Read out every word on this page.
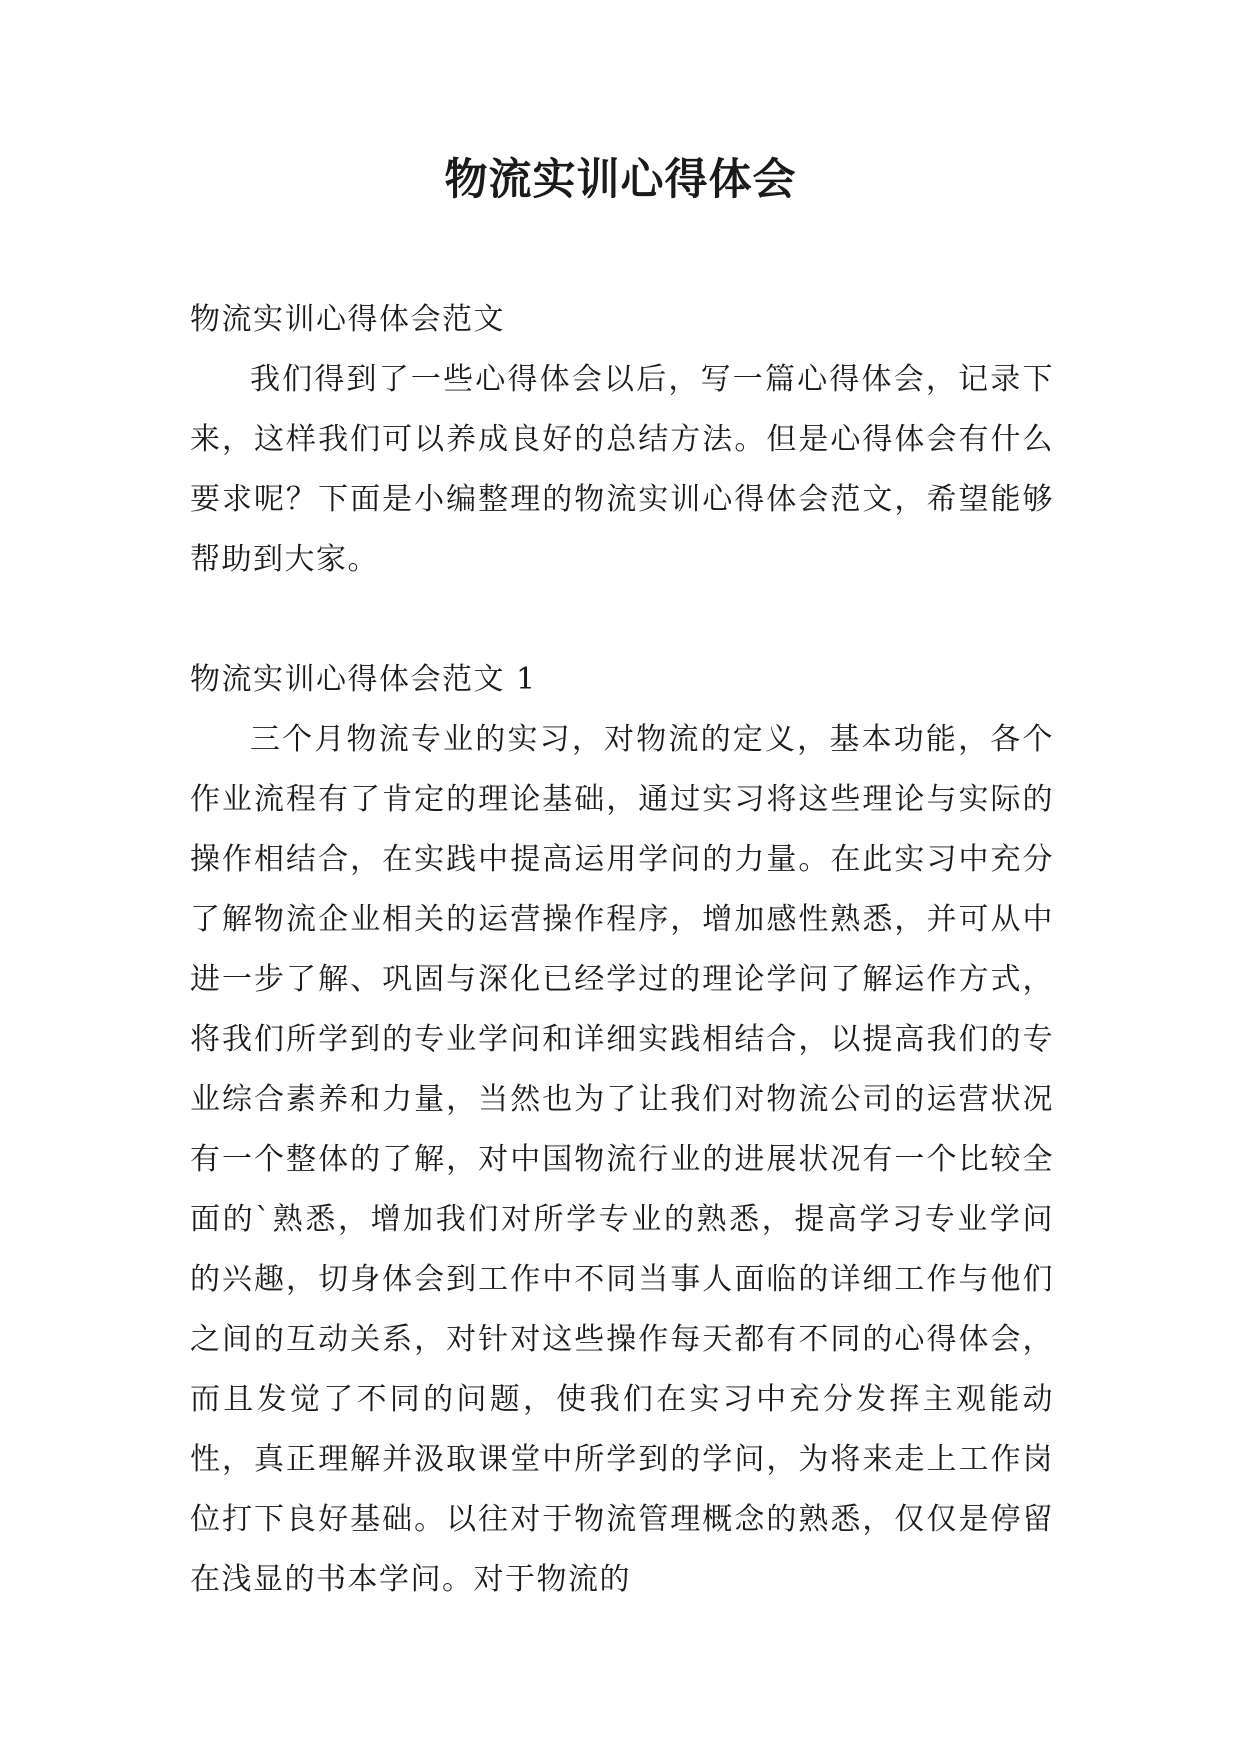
物流实训心得体会
物流实训心得体会范文

我们得到了一些心得体会以后，写一篇心得体会，记录下来，这样我们可以养成良好的总结方法。但是心得体会有什么要求呢？下面是小编整理的物流实训心得体会范文，希望能够帮助到大家。

物流实训心得体会范文 1

三个月物流专业的实习，对物流的定义，基本功能，各个作业流程有了肯定的理论基础，通过实习将这些理论与实际的操作相结合，在实践中提高运用学问的力量。在此实习中充分了解物流企业相关的运营操作程序，增加感性熟悉，并可从中进一步了解、巩固与深化已经学过的理论学问了解运作方式，将我们所学到的专业学问和详细实践相结合，以提高我们的专业综合素养和力量，当然也为了让我们对物流公司的运营状况有一个整体的了解，对中国物流行业的进展状况有一个比较全面的`熟悉，增加我们对所学专业的熟悉，提高学习专业学问的兴趣，切身体会到工作中不同当事人面临的详细工作与他们之间的互动关系，对针对这些操作每天都有不同的心得体会，而且发觉了不同的问题，使我们在实习中充分发挥主观能动性，真正理解并汲取课堂中所学到的学问，为将来走上工作岗位打下良好基础。以往对于物流管理概念的熟悉，仅仅是停留在浅显的书本学问。对于物流的
